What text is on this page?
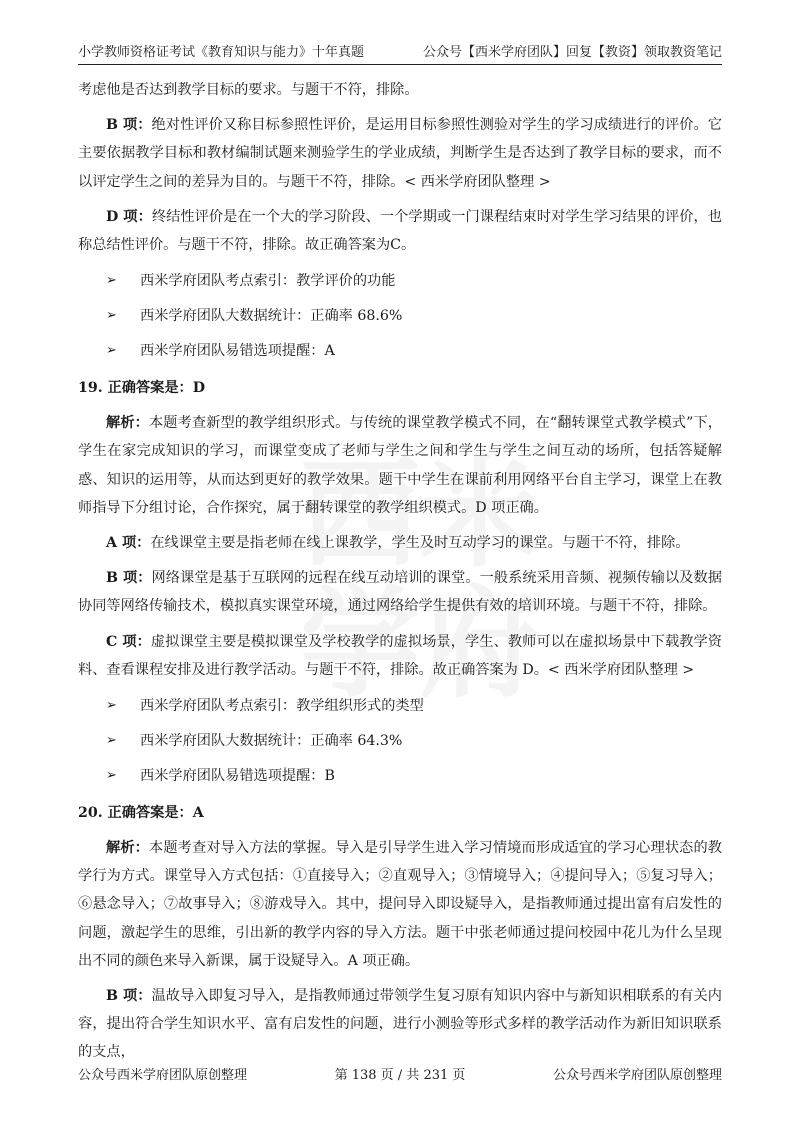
小学教师资格证考试《教育知识与能力》十年真题	公众号【西米学府团队】回复【教资】领取教资笔记

考虑他是否达到教学目标的要求。与题干不符，排除。

B 项：绝对性评价又称目标参照性评价，是运用目标参照性测验对学生的学习成绩进行的评价。它主要依据教学目标和教材编制试题来测验学生的学业成绩，判断学生是否达到了教学目标的要求，而不以评定学生之间的差异为目的。与题干不符，排除。< 西米学府团队整理 >

D 项：终结性评价是在一个大的学习阶段、一个学期或一门课程结束时对学生学习结果的评价，也称总结性评价。与题干不符，排除。故正确答案为C。

➢	西米学府团队考点索引：教学评价的功能
➢	西米学府团队大数据统计：正确率 68.6%
➢	西米学府团队易错选项提醒：A
19. 正确答案是：D

解析：本题考查新型的教学组织形式。与传统的课堂教学模式不同，在“翻转课堂式教学模式”下，学生在家完成知识的学习，而课堂变成了老师与学生之间和学生与学生之间互动的场所，包括答疑解惑、知识的运用等，从而达到更好的教学效果。题干中学生在课前利用网络平台自主学习，课堂上在教师指导下分组讨论，合作探究，属于翻转课堂的教学组织模式。D 项正确。

A 项：在线课堂主要是指老师在线上课教学，学生及时互动学习的课堂。与题干不符，排除。

B 项：网络课堂是基于互联网的远程在线互动培训的课堂。一般系统采用音频、视频传输以及数据协同等网络传输技术，模拟真实课堂环境，通过网络给学生提供有效的培训环境。与题干不符，排除。

C 项：虚拟课堂主要是模拟课堂及学校教学的虚拟场景，学生、教师可以在虚拟场景中下载教学资料、查看课程安排及进行教学活动。与题干不符，排除。故正确答案为 D。< 西米学府团队整理 >

➢	西米学府团队考点索引：教学组织形式的类型
➢	西米学府团队大数据统计：正确率 64.3%
➢	西米学府团队易错选项提醒：B
20. 正确答案是：A

解析：本题考查对导入方法的掌握。导入是引导学生进入学习情境而形成适宜的学习心理状态的教学行为方式。课堂导入方式包括：①直接导入；②直观导入；③情境导入；④提问导入；⑤复习导入；⑥悬念导入；⑦故事导入；⑧游戏导入。其中，提问导入即设疑导入，是指教师通过提出富有启发性的问题，激起学生的思维，引出新的教学内容的导入方法。题干中张老师通过提问校园中花儿为什么呈现出不同的颜色来导入新课，属于设疑导入。A 项正确。

B 项：温故导入即复习导入，是指教师通过带领学生复习原有知识内容中与新知识相联系的有关内容，提出符合学生知识水平、富有启发性的问题，进行小测验等形式多样的教学活动作为新旧知识联系的支点，

公众号西米学府团队原创整理	第 138 页 / 共 231 页	公众号西米学府团队原创整理
